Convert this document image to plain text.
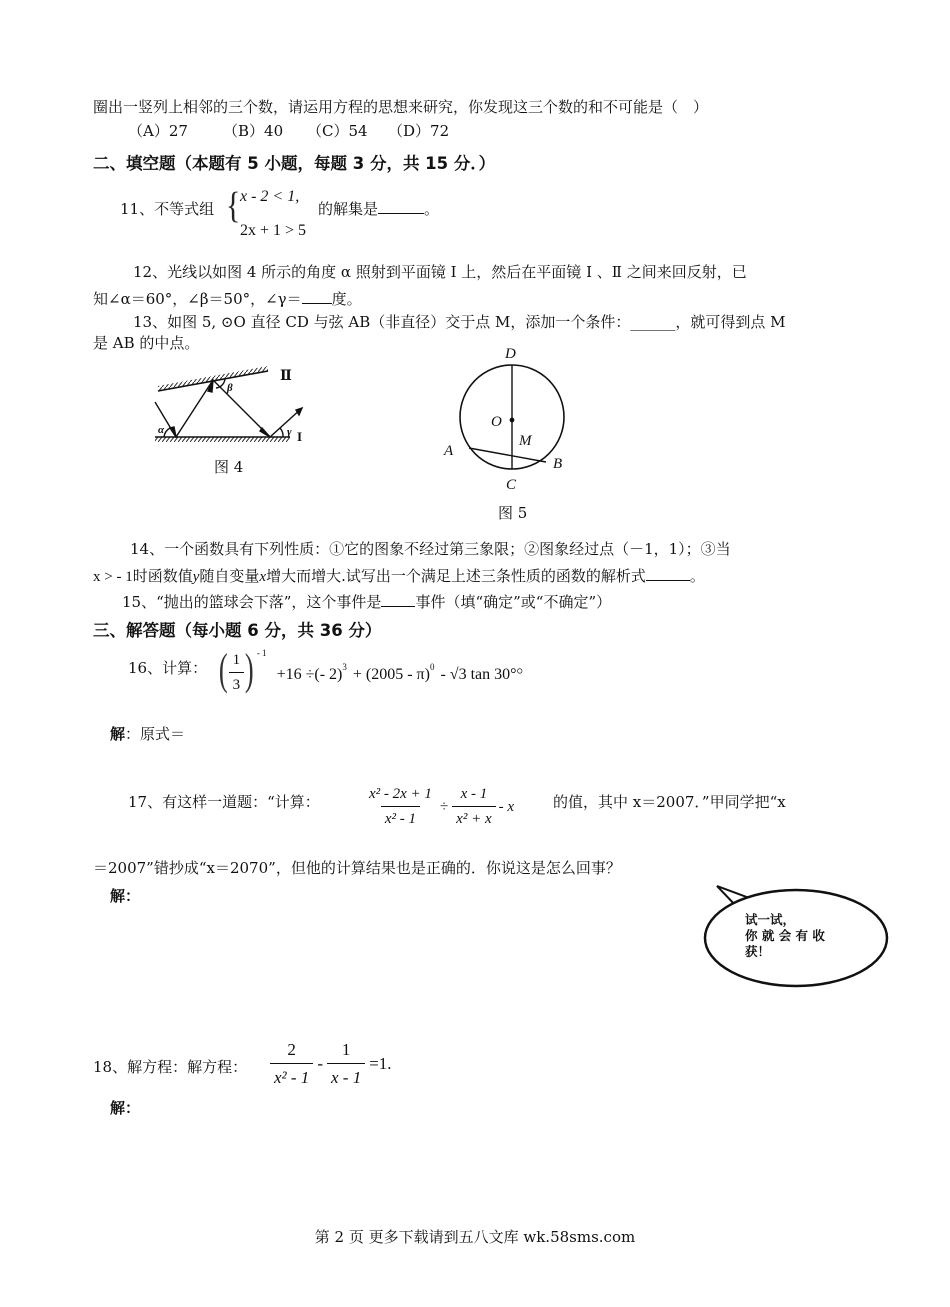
圈出一竖列上相邻的三个数，请运用方程的思想来研究，你发现这三个数的和不可能是（　）
（A）27 （B）40 （C）54 （D）72
二、填空题（本题有 5 小题，每题 3 分，共 15 分．）
11、不等式组 { x - 2 < 1,
2x + 1 > 5
的解集是	。
12、光线以如图 4 所示的角度 α 照射到平面镜 Ⅰ 上，然后在平面镜 Ⅰ 、Ⅱ 之间来回反射，已
知∠α＝60°，∠β＝50°，∠γ＝ 度。
13、如图 5, ⊙O 直径 CD 与弦 AB（非直径）交于点 M，添加一个条件：______，就可得到点 M
是 AB 的中点。
α
β
γ I
Ⅱ
图 4
D
O
M
A
B
C
图 5
14、一个函数具有下列性质：①它的图象不经过第三象限；②图象经过点（－1，1）；③当
x > - 1时函数值y随自变量x增大而增大.试写出一个满足上述三条性质的函数的解析式	。
15、“抛出的篮球会下落”，这个事件是 事件（填“确定”或“不确定”）
三、解答题（每小题 6 分，共 36 分）
16、计算： ( $\frac{1}{3}$ ) $^{- 1}$
+16 ÷(- 2)$^3$ + (2005 - π)$^0$ - √3 tan 30° 。
解：原式＝
17、有这样一道题：“计算：	$\frac{\text{x² - 2x + 1}}{\text{x² - 1}} \div \frac{x - 1}{\text{x² + x}} - x$	的值，其中 x＝2007．”甲同学把“x
＝2007”错抄成“x＝2070”，但他的计算结果也是正确的．你说这是怎么回事？
解：
试一试，
你 就 会 有 收
获！
18、解方程：解方程： $\frac{2}{\text{x² - 1}} - \frac{1}{x - 1} =1$.
解：
第 2 页 更多下载请到五八文库 wk.58sms.com
